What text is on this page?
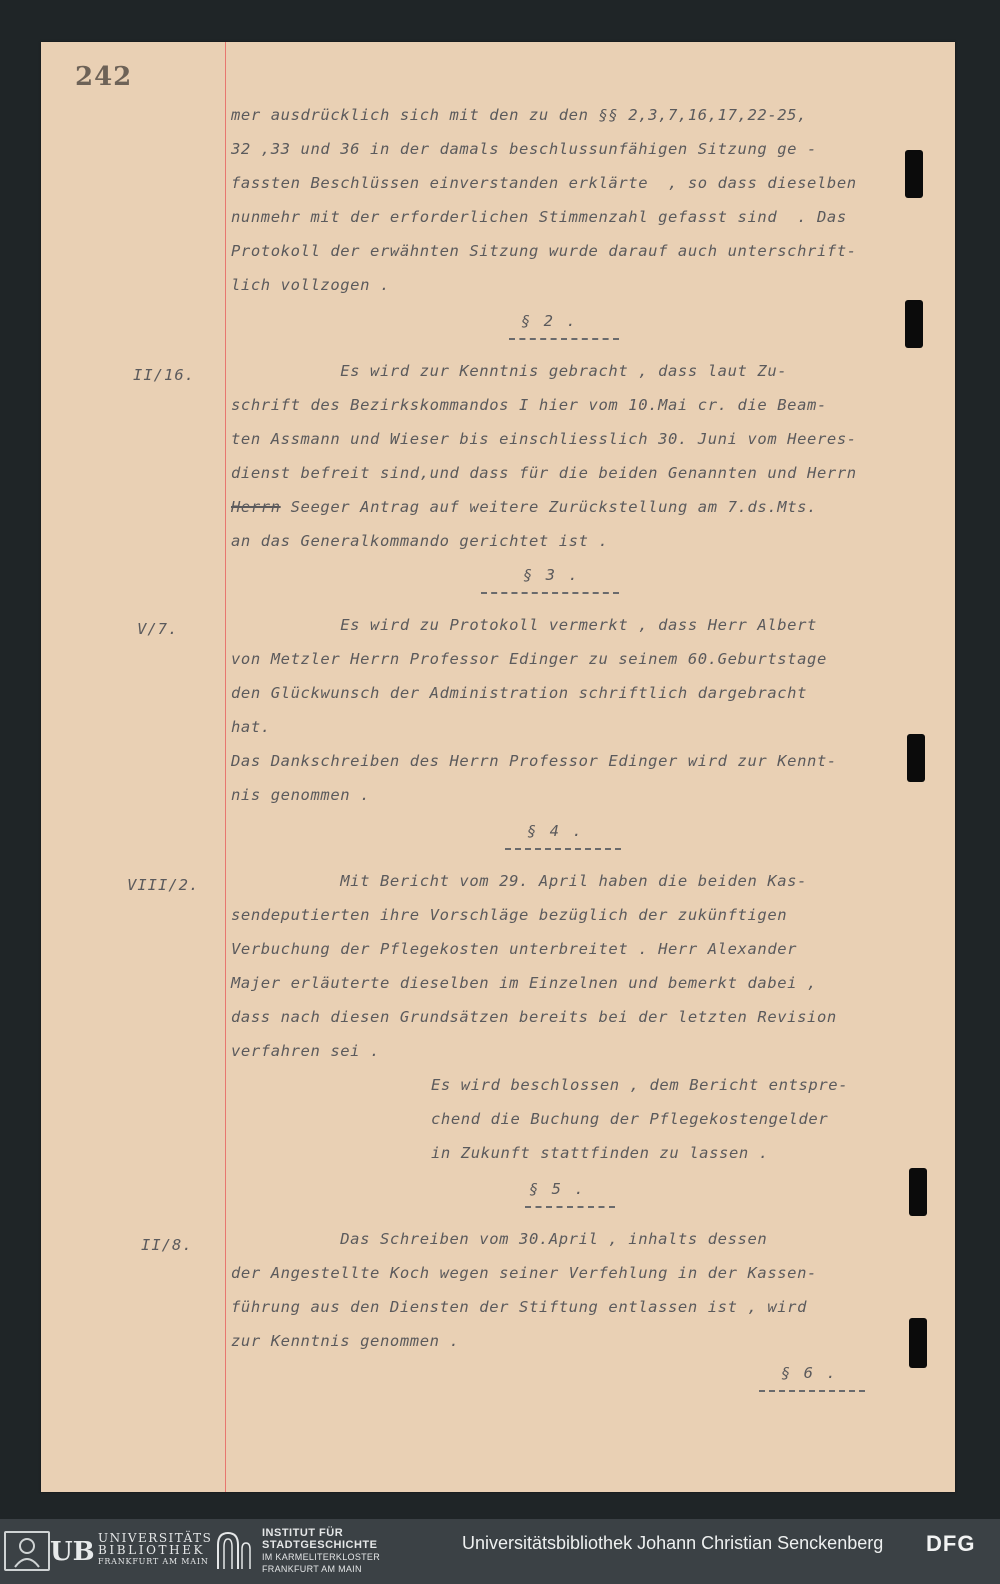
242
mer ausdrücklich sich mit den zu den §§ 2,3,7,16,17,22-25,
32 ,33 und 36 in der damals beschlussunfähigen Sitzung ge -
fassten Beschlüssen einverstanden erklärte  , so dass dieselben
nunmehr mit der erforderlichen Stimmenzahl gefasst sind  . Das
Protokoll der erwähnten Sitzung wurde darauf auch unterschrift-
lich vollzogen .
§ 2 .
II/16. Es wird zur Kenntnis gebracht , dass laut Zu-
schrift des Bezirkskommandos I hier vom 10.Mai cr. die Beam-
ten Assmann und Wieser bis einschliesslich 30. Juni vom Heeres-
dienst befreit sind,und dass für die beiden Genannten und Herrn
Herrn Seeger Antrag auf weitere Zurückstellung am 7.ds.Mts.
an das Generalkommando gerichtet ist .
§ 3 .
V/7.	Es wird zu Protokoll vermerkt , dass Herr Albert
von Metzler Herrn Professor Edinger zu seinem 60.Geburtstage
den Glückwunsch der Administration schriftlich dargebracht
hat.
Das Dankschreiben des Herrn Professor Edinger wird zur Kennt-
nis genommen .
§ 4 .
VIII/2. Mit Bericht vom 29. April haben die beiden Kas-
sendeputierten ihre Vorschläge bezüglich der zukünftigen
Verbuchung der Pflegekosten unterbreitet . Herr Alexander
Majer erläuterte dieselben im Einzelnen und bemerkt dabei ,
dass nach diesen Grundsätzen bereits bei der letzten Revision
verfahren sei .
Es wird beschlossen , dem Bericht entspre-
chend die Buchung der Pflegekostengelder
in Zukunft stattfinden zu lassen .
§ 5 .
II/8. Das Schreiben vom 30.April , inhalts dessen
der Angestellte Koch wegen seiner Verfehlung in der Kassen-
führung aus den Diensten der Stiftung entlassen ist , wird
zur Kenntnis genommen .
§ 6 .
UB UNIVERSITÄTS
BIBLIOTHEK
FRANKFURT AM MAIN
INSTITUT FÜR
STADTGESCHICHTE
IM KARMELITERKLOSTER
FRANKFURT AM MAIN
Universitätsbibliothek Johann Christian Senckenberg DFG
